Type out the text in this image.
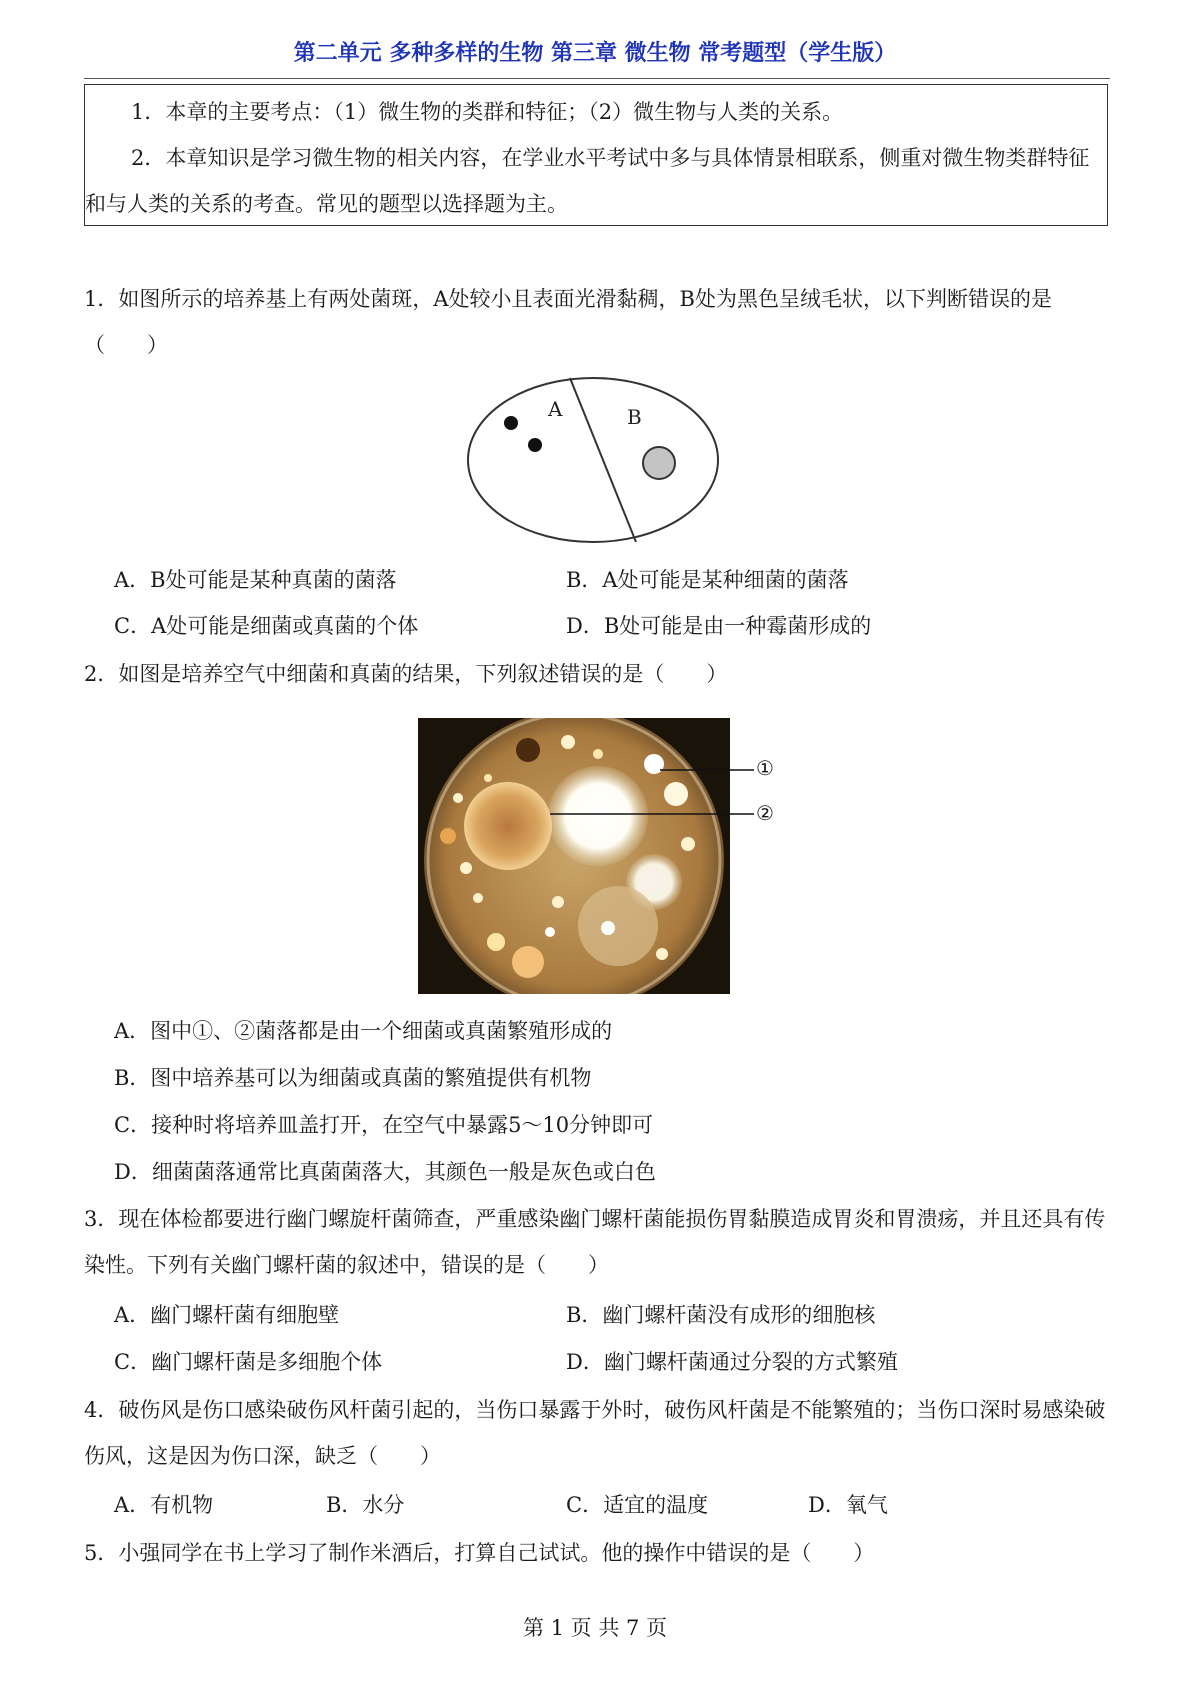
第二单元 多种多样的生物 第三章 微生物 常考题型（学生版）

1．本章的主要考点：（1）微生物的类群和特征；（2）微生物与人类的关系。

2．本章知识是学习微生物的相关内容，在学业水平考试中多与具体情景相联系，侧重对微生物类群特征和与人类的关系的考查。常见的题型以选择题为主。

1．如图所示的培养基上有两处菌斑，A处较小且表面光滑黏稠，B处为黑色呈绒毛状，以下判断错误的是（　　）
A	B
A．B处可能是某种真菌的菌落	B．A处可能是某种细菌的菌落
C．A处可能是细菌或真菌的个体	D．B处可能是由一种霉菌形成的
2．如图是培养空气中细菌和真菌的结果，下列叙述错误的是（　　）
①
②
A．图中①、②菌落都是由一个细菌或真菌繁殖形成的
B．图中培养基可以为细菌或真菌的繁殖提供有机物
C．接种时将培养皿盖打开，在空气中暴露5～10分钟即可
D．细菌菌落通常比真菌菌落大，其颜色一般是灰色或白色
3．现在体检都要进行幽门螺旋杆菌筛查，严重感染幽门螺杆菌能损伤胃黏膜造成胃炎和胃溃疡，并且还具有传染性。下列有关幽门螺杆菌的叙述中，错误的是（　　）
A．幽门螺杆菌有细胞壁	B．幽门螺杆菌没有成形的细胞核
C．幽门螺杆菌是多细胞个体	D．幽门螺杆菌通过分裂的方式繁殖
4．破伤风是伤口感染破伤风杆菌引起的，当伤口暴露于外时，破伤风杆菌是不能繁殖的；当伤口深时易感染破伤风，这是因为伤口深，缺乏（　　）
A．有机物	B．水分	C．适宜的温度	D．氧气
5．小强同学在书上学习了制作米酒后，打算自己试试。他的操作中错误的是（　　）
第 1 页 共 7 页
